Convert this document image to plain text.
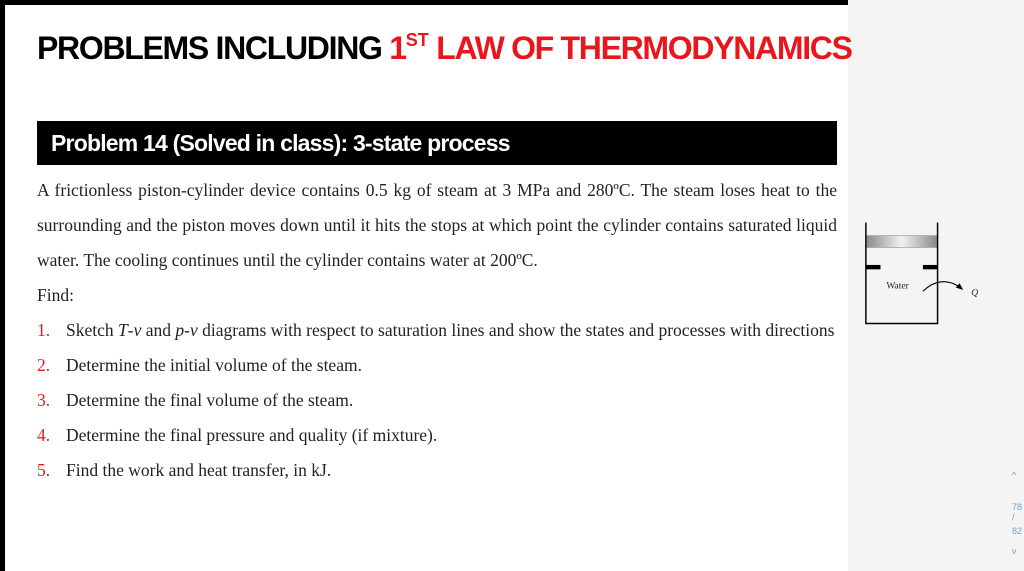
PROBLEMS INCLUDING 1ST LAW OF THERMODYNAMICS
Problem 14 (Solved in class): 3-state process

A frictionless piston-cylinder device contains 0.5 kg of steam at 3 MPa and 280ºC. The steam loses heat to the surrounding and the piston moves down until it hits the stops at which point the cylinder contains saturated liquid water. The cooling continues until the cylinder contains water at 200ºC.

Find:

1. Sketch T-v and p-v diagrams with respect to saturation lines and show the states and processes with directions
2. Determine the initial volume of the steam.
3. Determine the final volume of the steam.
4. Determine the final pressure and quality (if mixture).
5. Find the work and heat transfer, in kJ.
Water
Q
^
78
/
82
v
